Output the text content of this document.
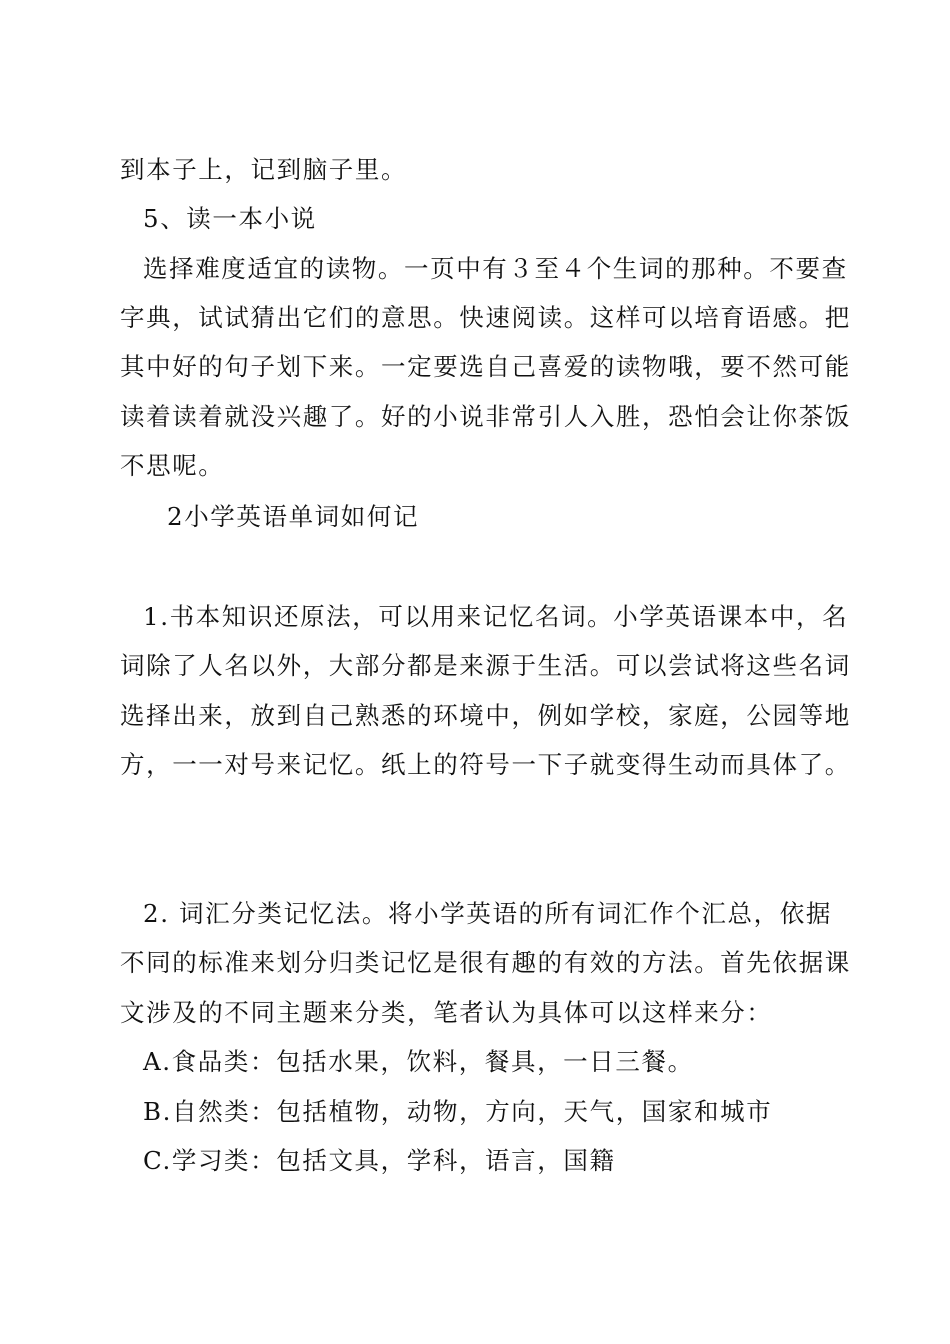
到本子上，记到脑子里。
5、读一本小说
选择难度适宜的读物。一页中有３至４个生词的那种。不要查
字典，试试猜出它们的意思。快速阅读。这样可以培育语感。把
其中好的句子划下来。一定要选自己喜爱的读物哦，要不然可能
读着读着就没兴趣了。好的小说非常引人入胜，恐怕会让你茶饭
不思呢。
2小学英语单词如何记
1.书本知识还原法，可以用来记忆名词。小学英语课本中，名
词除了人名以外，大部分都是来源于生活。可以尝试将这些名词
选择出来，放到自己熟悉的环境中，例如学校，家庭，公园等地
方，一一对号来记忆。纸上的符号一下子就变得生动而具体了。
2. 词汇分类记忆法。将小学英语的所有词汇作个汇总，依据
不同的标准来划分归类记忆是很有趣的有效的方法。首先依据课
文涉及的不同主题来分类，笔者认为具体可以这样来分：
A.食品类：包括水果，饮料，餐具，一日三餐。
B.自然类：包括植物，动物，方向，天气，国家和城市
C.学习类：包括文具，学科，语言，国籍
